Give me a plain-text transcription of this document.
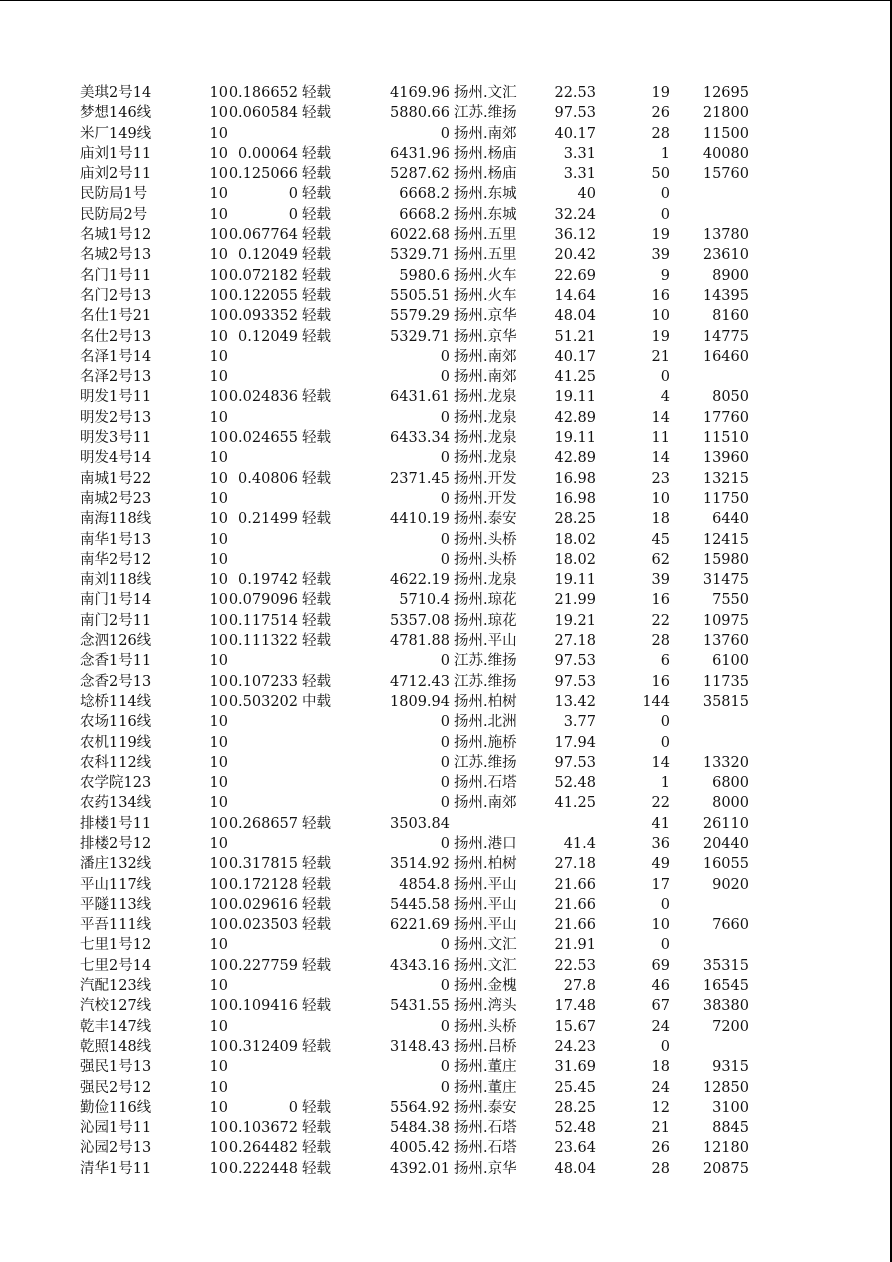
美琪2号14	10	0.186652	轻载	4169.96	扬州.文汇	22.53	19	12695
梦想146线	10	0.060584	轻载	5880.66	江苏.维扬	97.53	26	21800
米厂149线	10			0	扬州.南郊	40.17	28	11500
庙刘1号11	10	0.00064	轻载	6431.96	扬州.杨庙	3.31	1	40080
庙刘2号11	10	0.125066	轻载	5287.62	扬州.杨庙	3.31	50	15760
民防局1号	10	0	轻载	6668.2	扬州.东城	40	0	
民防局2号	10	0	轻载	6668.2	扬州.东城	32.24	0	
名城1号12	10	0.067764	轻载	6022.68	扬州.五里	36.12	19	13780
名城2号13	10	0.12049	轻载	5329.71	扬州.五里	20.42	39	23610
名门1号11	10	0.072182	轻载	5980.6	扬州.火车	22.69	9	8900
名门2号13	10	0.122055	轻载	5505.51	扬州.火车	14.64	16	14395
名仕1号21	10	0.093352	轻载	5579.29	扬州.京华	48.04	10	8160
名仕2号13	10	0.12049	轻载	5329.71	扬州.京华	51.21	19	14775
名泽1号14	10			0	扬州.南郊	40.17	21	16460
名泽2号13	10			0	扬州.南郊	41.25	0	
明发1号11	10	0.024836	轻载	6431.61	扬州.龙泉	19.11	4	8050
明发2号13	10			0	扬州.龙泉	42.89	14	17760
明发3号11	10	0.024655	轻载	6433.34	扬州.龙泉	19.11	11	11510
明发4号14	10			0	扬州.龙泉	42.89	14	13960
南城1号22	10	0.40806	轻载	2371.45	扬州.开发	16.98	23	13215
南城2号23	10			0	扬州.开发	16.98	10	11750
南海118线	10	0.21499	轻载	4410.19	扬州.泰安	28.25	18	6440
南华1号13	10			0	扬州.头桥	18.02	45	12415
南华2号12	10			0	扬州.头桥	18.02	62	15980
南刘118线	10	0.19742	轻载	4622.19	扬州.龙泉	19.11	39	31475
南门1号14	10	0.079096	轻载	5710.4	扬州.琼花	21.99	16	7550
南门2号11	10	0.117514	轻载	5357.08	扬州.琼花	19.21	22	10975
念泗126线	10	0.111322	轻载	4781.88	扬州.平山	27.18	28	13760
念香1号11	10			0	江苏.维扬	97.53	6	6100
念香2号13	10	0.107233	轻载	4712.43	江苏.维扬	97.53	16	11735
埝桥114线	10	0.503202	中载	1809.94	扬州.柏树	13.42	144	35815
农场116线	10			0	扬州.北洲	3.77	0	
农机119线	10			0	扬州.施桥	17.94	0	
农科112线	10			0	江苏.维扬	97.53	14	13320
农学院123	10			0	扬州.石塔	52.48	1	6800
农药134线	10			0	扬州.南郊	41.25	22	8000
排楼1号11	10	0.268657	轻载	3503.84			41	26110
排楼2号12	10			0	扬州.港口	41.4	36	20440
潘庄132线	10	0.317815	轻载	3514.92	扬州.柏树	27.18	49	16055
平山117线	10	0.172128	轻载	4854.8	扬州.平山	21.66	17	9020
平隧113线	10	0.029616	轻载	5445.58	扬州.平山	21.66	0	
平吾111线	10	0.023503	轻载	6221.69	扬州.平山	21.66	10	7660
七里1号12	10			0	扬州.文汇	21.91	0	
七里2号14	10	0.227759	轻载	4343.16	扬州.文汇	22.53	69	35315
汽配123线	10			0	扬州.金槐	27.8	46	16545
汽校127线	10	0.109416	轻载	5431.55	扬州.湾头	17.48	67	38380
乾丰147线	10			0	扬州.头桥	15.67	24	7200
乾照148线	10	0.312409	轻载	3148.43	扬州.吕桥	24.23	0	
强民1号13	10			0	扬州.董庄	31.69	18	9315
强民2号12	10			0	扬州.董庄	25.45	24	12850
勤俭116线	10	0	轻载	5564.92	扬州.泰安	28.25	12	3100
沁园1号11	10	0.103672	轻载	5484.38	扬州.石塔	52.48	21	8845
沁园2号13	10	0.264482	轻载	4005.42	扬州.石塔	23.64	26	12180
清华1号11	10	0.222448	轻载	4392.01	扬州.京华	48.04	28	20875
